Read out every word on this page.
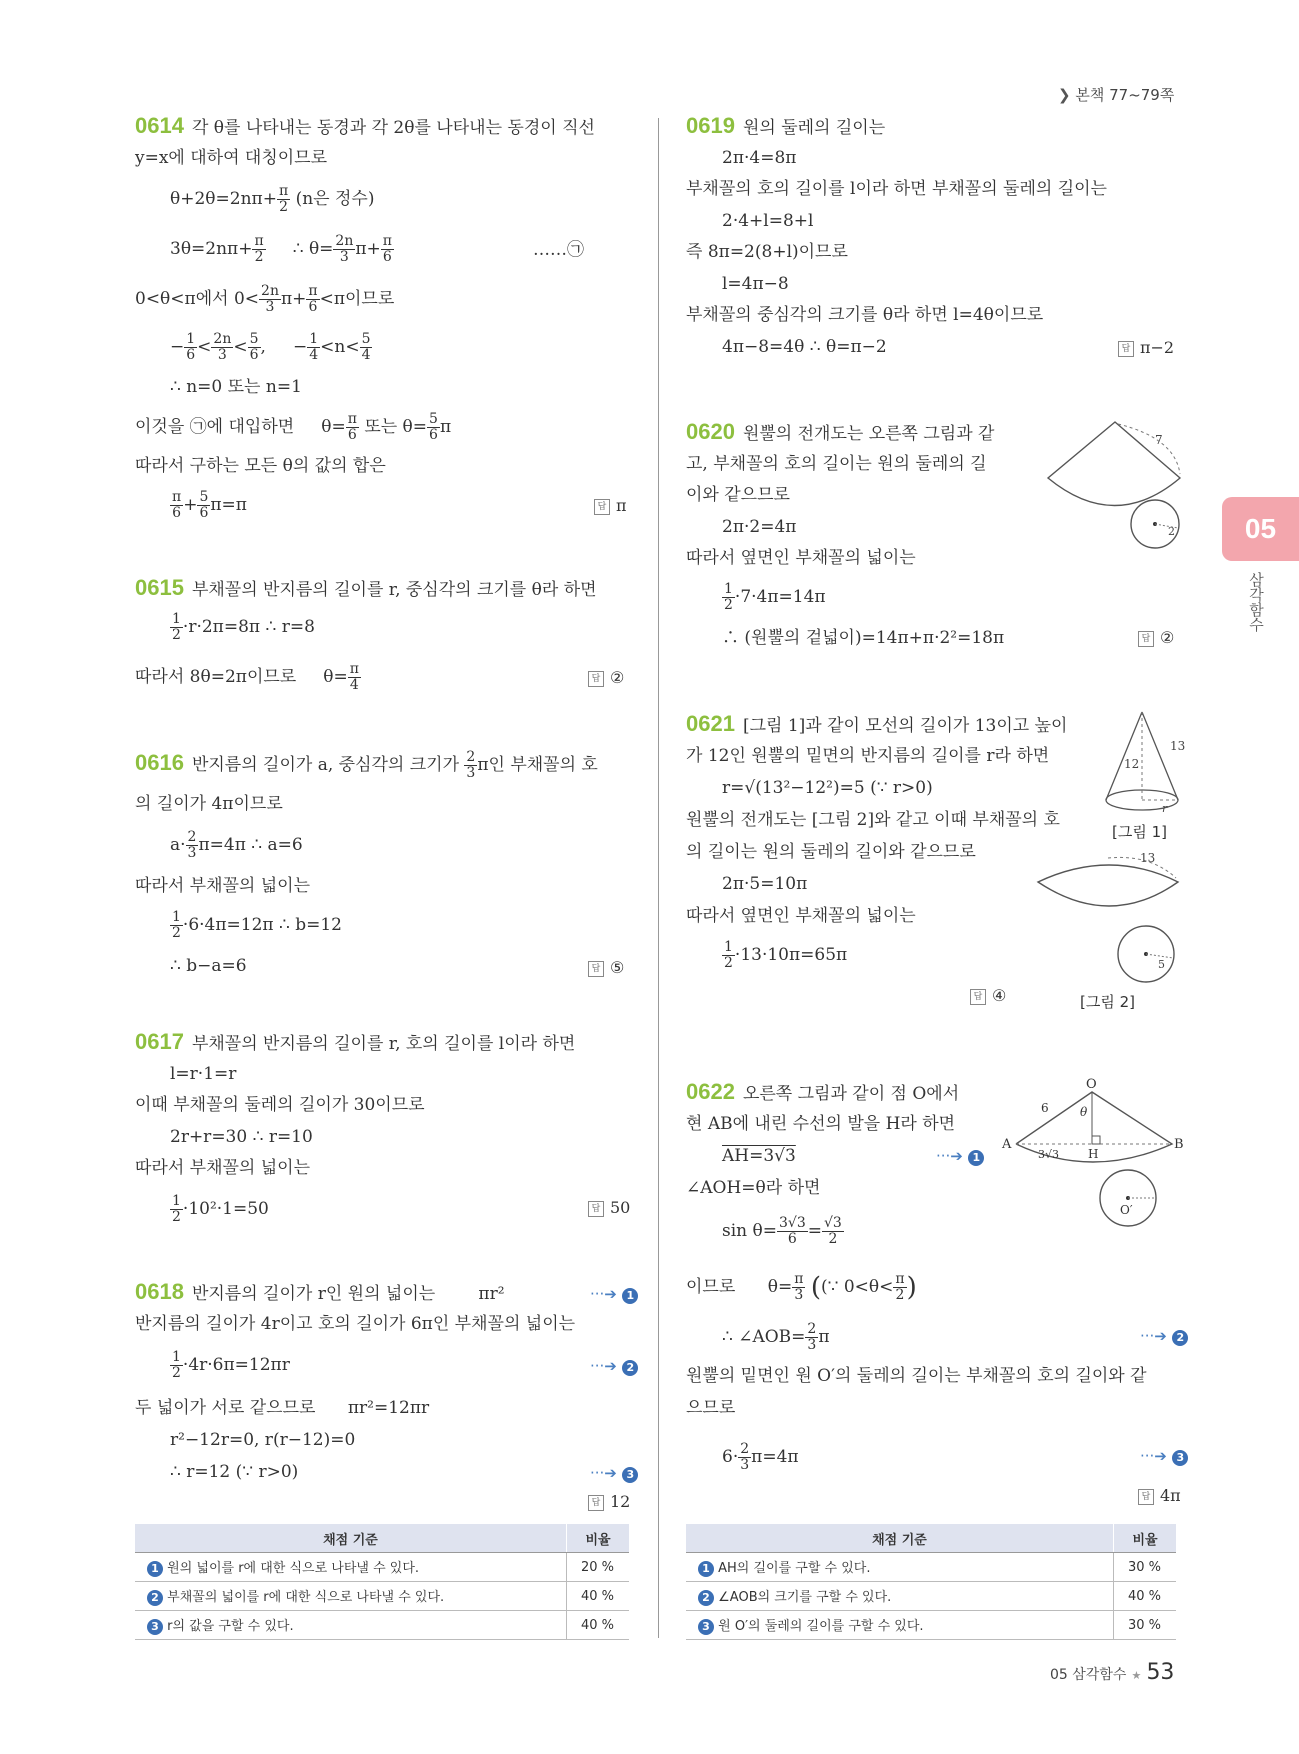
❯ 본책 77~79쪽
05
삼각함수
0614 각 θ를 나타내는 동경과 각 2θ를 나타내는 동경이 직선
y=x에 대하여 대칭이므로
$\theta+2\theta=2n\pi+ \frac{\pi}{2} (n$은 정수)
$3\theta=2n\pi+ \frac{\pi}{2}$ ∴ $\theta= \frac{2n}{3} \pi+ \frac{\pi}{6}$	……㉠
0<θ<π에서 $0< \frac{2n}{3} \pi+ \frac{\pi}{6} <\pi$이므로
− $\frac{1}{6} < \frac{2n}{3} < \frac{5}{6}$ ,     − $\frac{1}{4} <n< \frac{5}{4}$
∴ n=0 또는 n=1
이것을 ㉠에 대입하면 $\theta= \frac{\pi}{6}$ 또는 $\theta= \frac{5}{6}$ π
따라서 구하는 모든 θ의 값의 합은
$\frac{\pi}{6} + \frac{5}{6} \pi=\pi$	답 π
0615 부채꼴의 반지름의 길이를 r, 중심각의 크기를 θ라 하면
$\frac{1}{2} \cdot r\cdot 2\pi=8\pi$ ∴ r=8
따라서 8θ=2π이므로 $\theta= \frac{\pi}{4}$	답 ②
0616 반지름의 길이가 a, 중심각의 크기가 $\frac{2}{3}$ π인 부채꼴의 호
의 길이가 4π이므로
$a\cdot \frac{2}{3} \pi=4\pi$ ∴ a=6
따라서 부채꼴의 넓이는
$\frac{1}{2} \cdot 6\cdot 4\pi=12\pi$ ∴ b=12
∴ b−a=6	답 ⑤
0617 부채꼴의 반지름의 길이를 r, 호의 길이를 l이라 하면
l=r·1=r
이때 부채꼴의 둘레의 길이가 30이므로
2r+r=30 ∴ r=10
따라서 부채꼴의 넓이는
$\frac{1}{2} \cdot 10^2\cdot 1=50$	답 50
0618 반지름의 길이가 r인 원의 넓이는	πr²	···➔ 1
반지름의 길이가 4r이고 호의 길이가 6π인 부채꼴의 넓이는
$\frac{1}{2} \cdot 4r\cdot 6\pi=12\pi r$	···➔ 2
두 넓이가 서로 같으므로 πr²=12πr
r²−12r=0, r(r−12)=0
∴ r=12 (∵ r>0)	···➔ 3
답 12
채점 기준	비율
1 원의 넓이를 r에 대한 식으로 나타낼 수 있다.	20 %
2 부채꼴의 넓이를 r에 대한 식으로 나타낼 수 있다.	40 %
3 r의 값을 구할 수 있다.	40 %
0619 원의 둘레의 길이는
2π·4=8π
부채꼴의 호의 길이를 l이라 하면 부채꼴의 둘레의 길이는
2·4+l=8+l
즉 8π=2(8+l)이므로
l=4π−8
부채꼴의 중심각의 크기를 θ라 하면 l=4θ이므로
4π−8=4θ ∴ θ=π−2	답 π−2
0620 원뿔의 전개도는 오른쪽 그림과 같
고, 부채꼴의 호의 길이는 원의 둘레의 길
이와 같으므로
2π·2=4π
따라서 옆면인 부채꼴의 넓이는
$\frac{1}{2} \cdot 7\cdot 4\pi=14\pi$
∴ (원뿔의 겉넓이)=14π+π·2²=18π	답 ②
7
2
0621 [그림 1]과 같이 모선의 길이가 13이고 높이
가 12인 원뿔의 밑면의 반지름의 길이를 r라 하면
r=√(13²−12²)=5 (∵ r>0)
원뿔의 전개도는 [그림 2]와 같고 이때 부채꼴의 호
의 길이는 원의 둘레의 길이와 같으므로
2π·5=10π
따라서 옆면인 부채꼴의 넓이는
$\frac{1}{2} \cdot 13\cdot 10\pi=65\pi$
답 ④
12
13
r
[그림 1]
13
5
[그림 2]
0622 오른쪽 그림과 같이 점 O에서
현 AB에 내린 수선의 발을 H라 하면
AH=3√3	···➔ 1
∠AOH=θ라 하면
$\sin \theta= \frac{3√3}{6} = \frac{√3}{2}$
이므로 $\theta= \frac{\pi}{3}$ ((∵ $0<\theta< \frac{\pi}{2}$ )
∴ ∠AOB= $\frac{2}{3}$ π	···➔ 2
원뿔의 밑면인 원 O′의 둘레의 길이는 부채꼴의 호의 길이와 같
으므로
$6\cdot \frac{2}{3} \pi=4\pi$	···➔ 3
답 4π
O
A	B
H
6	θ
3√3
O′
채점 기준	비율
1 AH의 길이를 구할 수 있다.	30 %
2 ∠AOB의 크기를 구할 수 있다.	40 %
3 원 O′의 둘레의 길이를 구할 수 있다.	30 %
05 삼각함수 ★ 53
